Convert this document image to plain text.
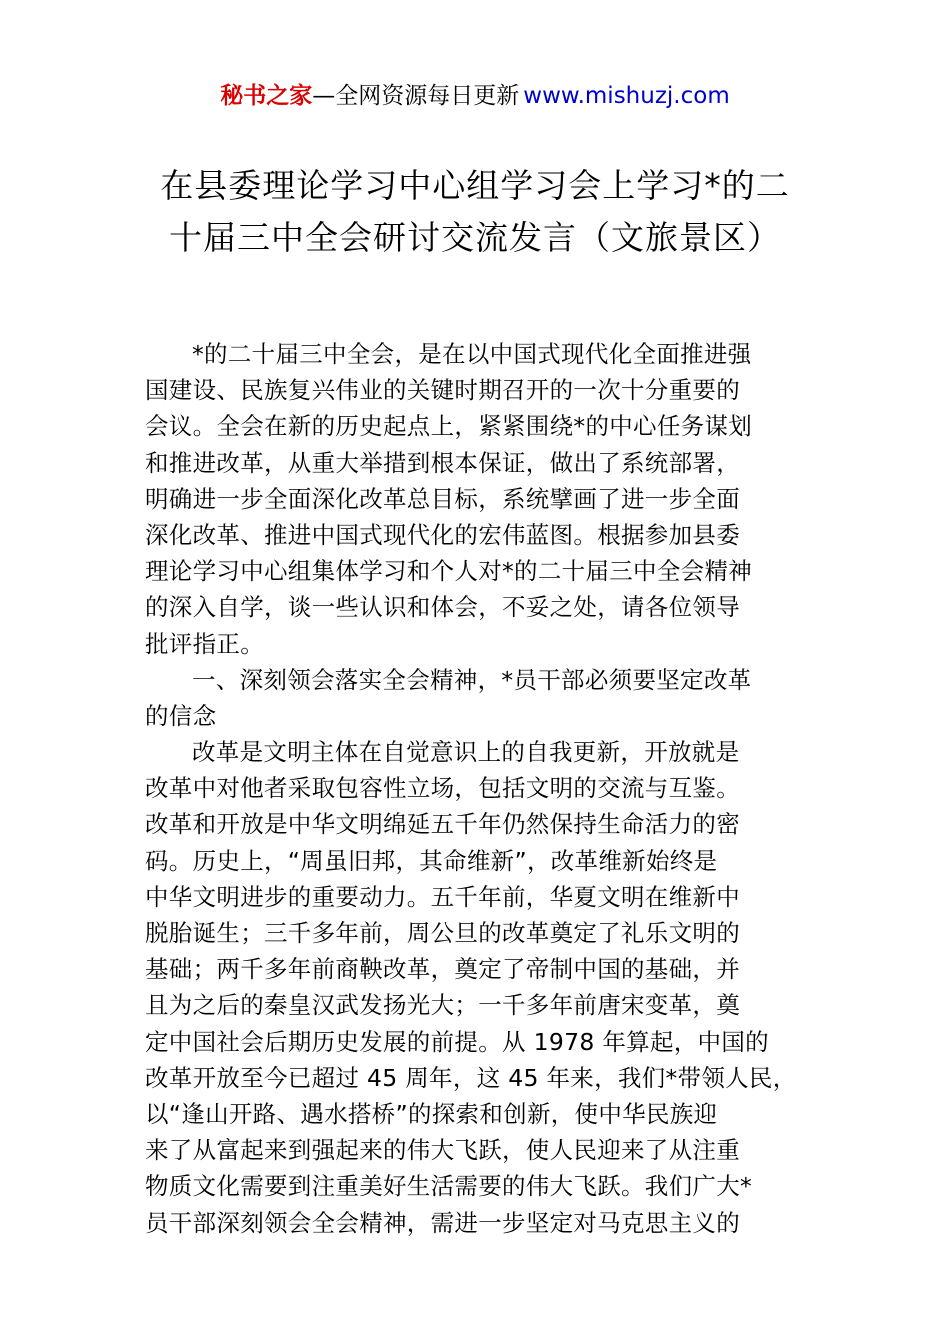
秘书之家—全网资源每日更新 www.mishuzj.com
在县委理论学习中心组学习会上学习*的二
十届三中全会研讨交流发言（文旅景区）
*的二十届三中全会，是在以中国式现代化全面推进强
国建设、民族复兴伟业的关键时期召开的一次十分重要的
会议。全会在新的历史起点上，紧紧围绕*的中心任务谋划
和推进改革，从重大举措到根本保证，做出了系统部署，
明确进一步全面深化改革总目标，系统擘画了进一步全面
深化改革、推进中国式现代化的宏伟蓝图。根据参加县委
理论学习中心组集体学习和个人对*的二十届三中全会精神
的深入自学，谈一些认识和体会，不妥之处，请各位领导
批评指正。
一、深刻领会落实全会精神，*员干部必须要坚定改革
的信念
改革是文明主体在自觉意识上的自我更新，开放就是
改革中对他者采取包容性立场，包括文明的交流与互鉴。
改革和开放是中华文明绵延五千年仍然保持生命活力的密
码。历史上，“周虽旧邦，其命维新”，改革维新始终是
中华文明进步的重要动力。五千年前，华夏文明在维新中
脱胎诞生；三千多年前，周公旦的改革奠定了礼乐文明的
基础；两千多年前商鞅改革，奠定了帝制中国的基础，并
且为之后的秦皇汉武发扬光大；一千多年前唐宋变革，奠
定中国社会后期历史发展的前提。从 1978 年算起，中国的
改革开放至今已超过 45 周年，这 45 年来，我们*带领人民，
以“逢山开路、遇水搭桥”的探索和创新，使中华民族迎
来了从富起来到强起来的伟大飞跃，使人民迎来了从注重
物质文化需要到注重美好生活需要的伟大飞跃。我们广大*
员干部深刻领会全会精神，需进一步坚定对马克思主义的
